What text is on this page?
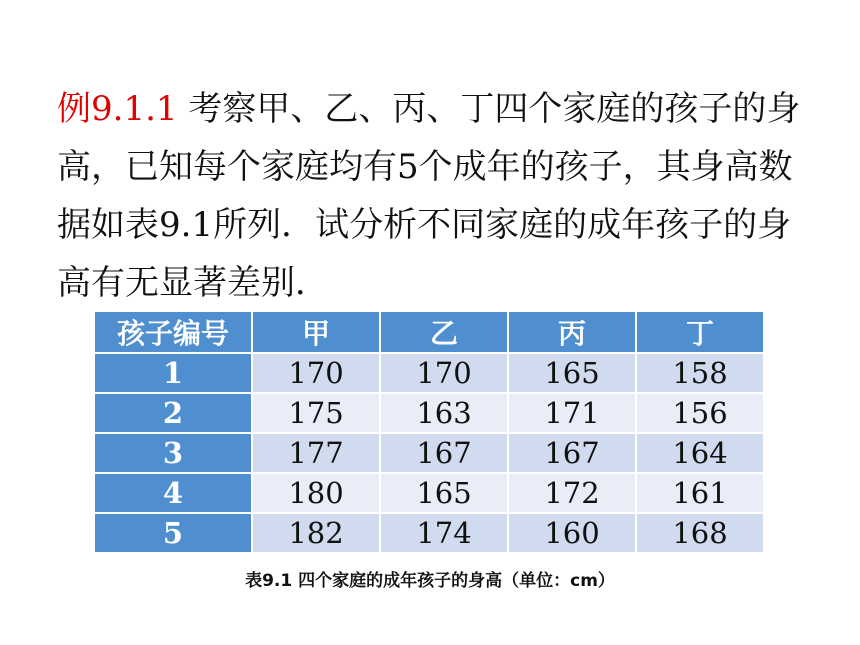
例9.1.1 考察甲、乙、丙、丁四个家庭的孩子的身
高，已知每个家庭均有5个成年的孩子，其身高数
据如表9.1所列．试分析不同家庭的成年孩子的身
高有无显著差别．
孩子编号	甲	乙	丙	丁
1	170	170	165	158
2	175	163	171	156
3	177	167	167	164
4	180	165	172	161
5	182	174	160	168
表9.1 四个家庭的成年孩子的身高（单位：cm）
